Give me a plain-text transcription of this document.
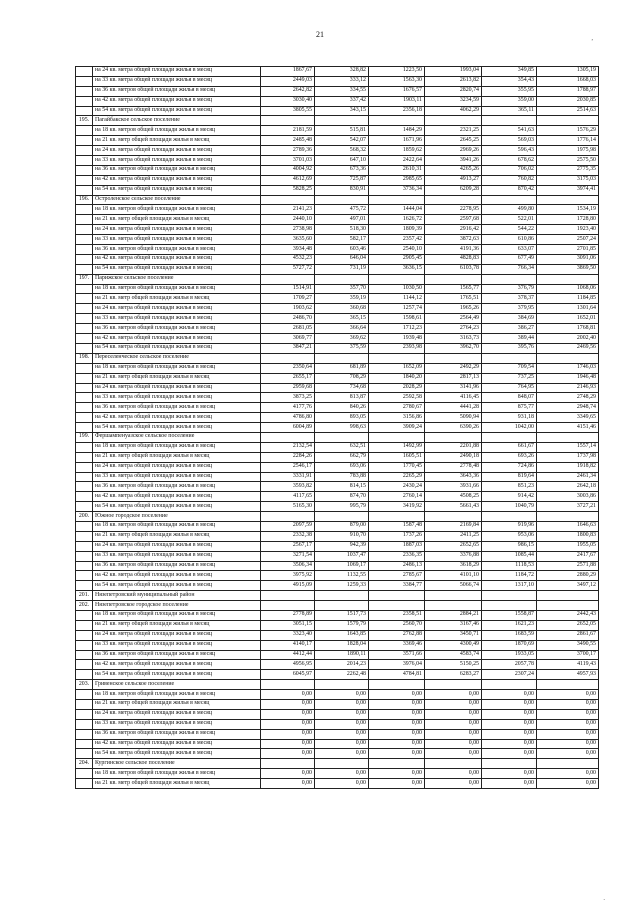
21
ʼ
·
	на 24 кв. метра общей площади жилья в месяц	1867,67	328,82	1223,50	1993,04	349,85	1305,19
	на 33 кв. метра общей площади жилья в месяц	2449,03	333,12	1563,30	2613,82	354,43	1668,03
	на 36 кв. метров общей площади жилья в месяц	2642,82	334,55	1676,57	2820,74	355,95	1788,97
	на 42 кв. метра общей площади жилья в месяц	3030,40	337,42	1903,11	3234,59	359,00	2030,85
	на 54 кв. метра общей площади жилья в месяц	3805,55	343,15	2356,18	4062,29	365,11	2514,63
195.	Пагайбакское сельское поселение						
	на 18 кв. метров общей площади жилья в месяц	2181,59	515,81	1484,29	2321,25	541,63	1576,29
	на 21 кв. метр общей площади жилья в месяц	2485,48	542,07	1671,96	2645,25	569,03	1776,14
	на 24 кв. метра общей площади жилья в месяц	2789,36	568,32	1859,62	2969,26	596,43	1975,98
	на 33 кв. метра общей площади жилья в месяц	3701,03	647,10	2422,64	3941,26	678,62	2575,50
	на 36 кв. метров общей площади жилья в месяц	4004,92	673,36	2610,31	4265,26	706,02	2775,35
	на 42 кв. метра общей площади жилья в месяц	4612,69	725,87	2985,65	4913,27	760,82	3175,03
	на 54 кв. метра общей площади жилья в месяц	5828,25	830,91	3736,34	6209,28	870,42	3974,41
196.	Остроленское сельское поселение						
	на 18 кв. метров общей площади жилья в месяц	2141,23	475,72	1444,04	2278,95	499,80	1534,19
	на 21 кв. метр общей площади жилья в месяц	2440,10	497,01	1626,72	2597,68	522,01	1728,80
	на 24 кв. метра общей площади жилья в месяц	2738,98	518,30	1809,39	2916,42	544,22	1923,40
	на 33 кв. метра общей площади жилья в месяц	3635,60	582,17	2357,42	3872,63	610,86	2507,24
	на 36 кв. метров общей площади жилья в месяц	3934,48	603,46	2540,10	4191,36	633,07	2701,85
	на 42 кв. метра общей площади жилья в месяц	4532,23	646,04	2905,45	4828,83	677,49	3091,06
	на 54 кв. метра общей площади жилья в месяц	5727,72	731,19	3636,15	6103,78	766,34	3869,50
197.	Парижское сельское поселение						
	на 18 кв. метров общей площади жилья в месяц	1514,91	357,70	1030,50	1565,77	376,79	1068,06
	на 21 кв. метр общей площади жилья в месяц	1709,27	359,19	1144,12	1765,51	378,37	1184,85
	на 24 кв. метра общей площади жилья в месяц	1903,62	360,68	1257,74	1965,26	379,95	1301,64
	на 33 кв. метра общей площади жилья в месяц	2486,70	365,15	1598,61	2564,49	384,69	1652,01
	на 36 кв. метров общей площади жилья в месяц	2681,05	366,64	1712,23	2764,23	386,27	1768,81
	на 42 кв. метра общей площади жилья в месяц	3069,77	369,62	1939,48	3163,73	389,44	2002,40
	на 54 кв. метра общей площади жилья в месяц	3847,21	375,59	2393,98	3962,70	395,76	2469,56
198.	Переселенческое сельское поселение						
	на 18 кв. метров общей площади жилья в месяц	2350,64	681,89	1652,09	2492,29	709,54	1746,03
	на 21 кв. метр общей площади жилья в месяц	2655,17	708,29	1840,20	2817,13	737,25	1946,48
	на 24 кв. метра общей площади жилья в месяц	2959,68	734,68	2028,29	3141,96	764,95	2146,93
	на 33 кв. метра общей площади жилья в месяц	3873,25	813,87	2592,58	4116,45	848,07	2748,29
	на 36 кв. метров общей площади жилья в месяц	4177,76	840,26	2780,67	4441,28	875,77	2948,74
	на 42 кв. метра общей площади жилья в месяц	4786,80	893,05	3156,86	5090,94	931,18	3349,65
	на 54 кв. метра общей площади жилья в месяц	6004,89	998,63	3909,24	6390,26	1042,00	4151,46
199.	Фершампенуазское сельское поселение						
	на 18 кв. метров общей площади жилья в месяц	2132,54	632,51	1492,99	2201,88	661,67	1557,14
	на 21 кв. метр общей площади жилья в месяц	2284,26	662,79	1605,51	2490,18	693,26	1737,98
	на 24 кв. метра общей площади жилья в месяц	2546,17	693,06	1770,45	2778,48	724,86	1918,82
	на 33 кв. метра общей площади жилья в месяц	3331,91	783,88	2265,29	3643,36	819,64	2461,34
	на 36 кв. метров общей площади жилья в месяц	3593,82	814,15	2430,24	3931,66	851,23	2642,18
	на 42 кв. метра общей площади жилья в месяц	4117,65	874,70	2760,14	4508,25	914,42	3003,86
	на 54 кв. метра общей площади жилья в месяц	5165,30	995,79	3419,92	5661,43	1040,79	3727,21
200.	Южное городское поселение						
	на 18 кв. метров общей площади жилья в месяц	2097,59	879,00	1587,48	2169,84	919,96	1646,63
	на 21 кв. метр общей площади жилья в месяц	2332,38	910,70	1737,26	2411,25	953,06	1800,83
	на 24 кв. метра общей площади жилья в месяц	2567,17	942,39	1887,03	2652,65	986,15	1955,05
	на 33 кв. метра общей площади жилья в месяц	3271,54	1037,47	2336,35	3376,88	1085,44	2417,67
	на 36 кв. метров общей площади жилья в месяц	3506,34	1069,17	2486,13	3618,29	1118,53	2571,88
	на 42 кв. метра общей площади жилья в месяц	3975,92	1132,55	2785,67	4101,10	1184,72	2880,29
	на 54 кв. метра общей площади жилья в месяц	4915,09	1259,33	3384,77	5066,74	1317,10	3497,12
201.	Нязепетровский муниципальный район						
202.	Нязепетровское городское поселение						
	на 18 кв. метров общей площади жилья в месяц	2778,89	1517,73	2358,51	2884,21	1558,87	2442,43
	на 21 кв. метр общей площади жилья в месяц	3051,15	1579,79	2560,70	3167,46	1621,23	2652,05
	на 24 кв. метра общей площади жилья в месяц	3323,40	1643,85	2762,88	3450,71	1683,59	2861,67
	на 33 кв. метра общей площади жилья в месяц	4140,17	1828,04	3369,46	4300,49	1870,69	3490,55
	на 36 кв. метров общей площади жилья в месяц	4412,44	1890,11	3571,66	4583,74	1933,05	3700,17
	на 42 кв. метра общей площади жилья в месяц	4956,95	2014,23	3976,04	5150,25	2057,78	4119,43
	на 54 кв. метра общей площади жилья в месяц	6045,97	2262,48	4784,81	6283,27	2307,24	4957,93
203.	Гривенское сельское поселение						
	на 18 кв. метров общей площади жилья в месяц	0,00	0,00	0,00	0,00	0,00	0,00
	на 21 кв. метр общей площади жилья в месяц	0,00	0,00	0,00	0,00	0,00	0,00
	на 24 кв. метра общей площади жилья в месяц	0,00	0,00	0,00	0,00	0,00	0,00
	на 33 кв. метра общей площади жилья в месяц	0,00	0,00	0,00	0,00	0,00	0,00
	на 36 кв. метров общей площади жилья в месяц	0,00	0,00	0,00	0,00	0,00	0,00
	на 42 кв. метра общей площади жилья в месяц	0,00	0,00	0,00	0,00	0,00	0,00
	на 54 кв. метра общей площади жилья в месяц	0,00	0,00	0,00	0,00	0,00	0,00
204.	Кургинское сельское поселение						
	на 18 кв. метров общей площади жилья в месяц	0,00	0,00	0,00	0,00	0,00	0,00
	на 21 кв. метр общей площади жилья в месяц	0,00	0,00	0,00	0,00	0,00	0,00
